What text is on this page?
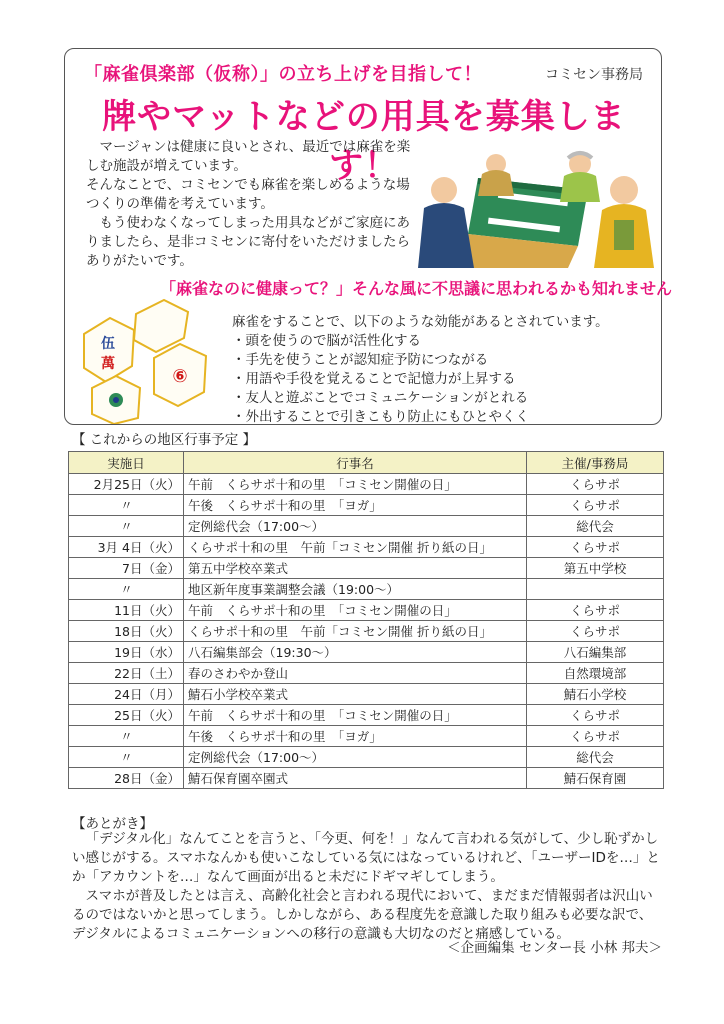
「麻雀倶楽部（仮称）」の立ち上げを目指して！	コミセン事務局
牌やマットなどの用具を募集します！

　マージャンは健康に良いとされ、最近では麻雀を楽しむ施設が増えています。

そんなことで、コミセンでも麻雀を楽しめるような場つくりの準備を考えています。

　もう使わなくなってしまった用具などがご家庭にありましたら、是非コミセンに寄付をいただけましたらありがたいです。

「麻雀なのに健康って？」そんな風に不思議に思われるかも知れません
麻雀をすることで、以下のような効能があるとされています。
・ 頭を使うので脳が活性化する
・ 手先を使うことが認知症予防につながる
・ 用語や手役を覚えることで記憶力が上昇する
・ 友人と遊ぶことでコミュニケーションがとれる
・ 外出することで引きこもり防止にもひとやくく
伍
萬
⑥
【 これからの地区行事予定 】
実施日	行事名	主催/事務局
2月25日（火）	午前　くらサポ十和の里　「コミセン開催の日」	くらサポ
〃	午後　くらサポ十和の里　「ヨガ」	くらサポ
〃	定例総代会（17:00〜）	総代会
3月 4日（火）	くらサポ十和の里　午前「コミセン開催 折り紙の日」	くらサポ
7日（金）	第五中学校卒業式	第五中学校
〃	地区新年度事業調整会議（19:00〜）	
11日（火）	午前　くらサポ十和の里　「コミセン開催の日」	くらサポ
18日（火）	くらサポ十和の里　午前「コミセン開催 折り紙の日」	くらサポ
19日（水）	八石編集部会（19:30〜）	八石編集部
22日（土）	春のさわやか登山	自然環境部
24日（月）	鯖石小学校卒業式	鯖石小学校
25日（火）	午前　くらサポ十和の里　「コミセン開催の日」	くらサポ
〃	午後　くらサポ十和の里　「ヨガ」	くらサポ
〃	定例総代会（17:00〜）	総代会
28日（金）	鯖石保育園卒園式	鯖石保育園
【あとがき】

「デジタル化」なんてことを言うと、「今更、何を！」なんて言われる気がして、少し恥ずかしい感じがする。スマホなんかも使いこなしている気にはなっているけれど、「ユーザーIDを…」とか「アカウントを…」なんて画面が出ると未だにドギマギしてしまう。

スマホが普及したとは言え、高齢化社会と言われる現代において、まだまだ情報弱者は沢山いるのではないかと思ってしまう。しかしながら、ある程度先を意識した取り組みも必要な訳で、デジタルによるコミュニケーションへの移行の意識も大切なのだと痛感している。

＜企画編集 センター長 小林 邦夫＞
